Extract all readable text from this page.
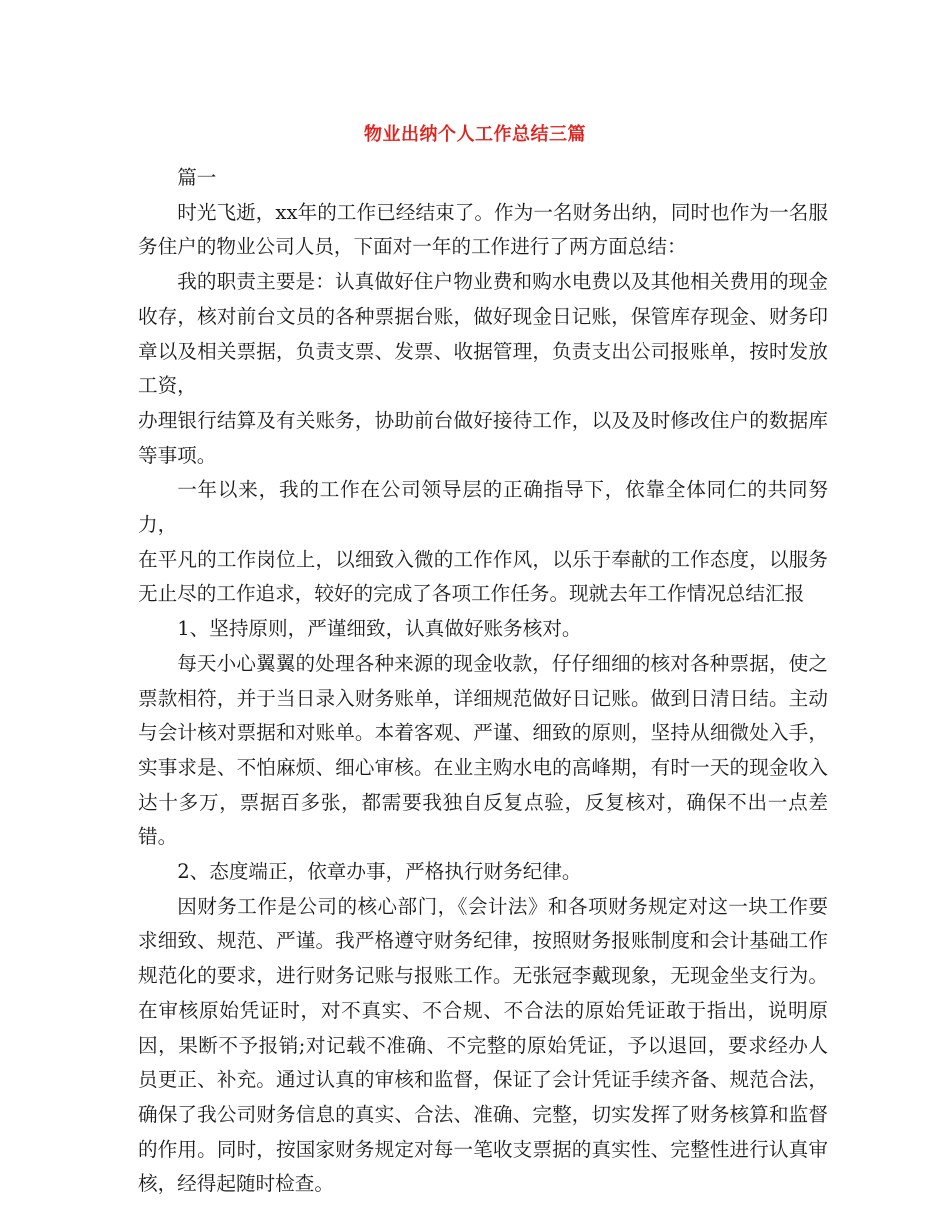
物业出纳个人工作总结三篇

篇一

时光飞逝，xx年的工作已经结束了。作为一名财务出纳，同时也作为一名服务住户的物业公司人员，下面对一年的工作进行了两方面总结：

我的职责主要是：认真做好住户物业费和购水电费以及其他相关费用的现金收存，核对前台文员的各种票据台账，做好现金日记账，保管库存现金、财务印章以及相关票据，负责支票、发票、收据管理，负责支出公司报账单，按时发放工资，

办理银行结算及有关账务，协助前台做好接待工作，以及及时修改住户的数据库等事项。

一年以来，我的工作在公司领导层的正确指导下，依靠全体同仁的共同努力，

在平凡的工作岗位上，以细致入微的工作作风，以乐于奉献的工作态度，以服务无止尽的工作追求，较好的完成了各项工作任务。现就去年工作情况总结汇报

1、坚持原则，严谨细致，认真做好账务核对。

每天小心翼翼的处理各种来源的现金收款，仔仔细细的核对各种票据，使之票款相符，并于当日录入财务账单，详细规范做好日记账。做到日清日结。主动与会计核对票据和对账单。本着客观、严谨、细致的原则，坚持从细微处入手，实事求是、不怕麻烦、细心审核。在业主购水电的高峰期，有时一天的现金收入达十多万，票据百多张，都需要我独自反复点验，反复核对，确保不出一点差错。

2、态度端正，依章办事，严格执行财务纪律。

因财务工作是公司的核心部门，《会计法》和各项财务规定对这一块工作要求细致、规范、严谨。我严格遵守财务纪律，按照财务报账制度和会计基础工作规范化的要求，进行财务记账与报账工作。无张冠李戴现象，无现金坐支行为。在审核原始凭证时，对不真实、不合规、不合法的原始凭证敢于指出，说明原因，果断不予报销;对记载不准确、不完整的原始凭证，予以退回，要求经办人员更正、补充。通过认真的审核和监督，保证了会计凭证手续齐备、规范合法，确保了我公司财务信息的真实、合法、准确、完整，切实发挥了财务核算和监督的作用。同时，按国家财务规定对每一笔收支票据的真实性、完整性进行认真审核，经得起随时检查。
